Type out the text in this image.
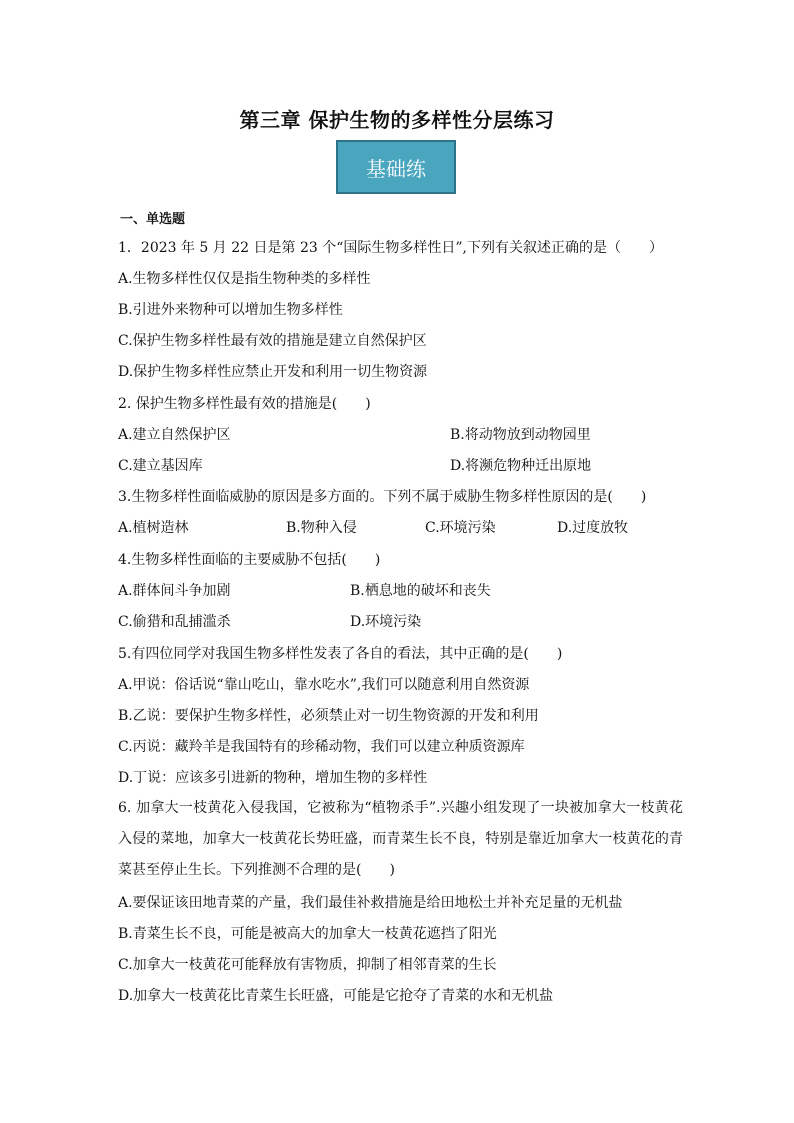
第三章 保护生物的多样性分层练习
基础练
一、单选题
1．2023 年 5 月 22 日是第 23 个“国际生物多样性日”,下列有关叙述正确的是（　　）
A.生物多样性仅仅是指生物种类的多样性
B.引进外来物种可以增加生物多样性
C.保护生物多样性最有效的措施是建立自然保护区
D.保护生物多样性应禁止开发和利用一切生物资源
2. 保护生物多样性最有效的措施是(　　)
A.建立自然保护区	B.将动物放到动物园里
C.建立基因库	D.将濒危物种迁出原地
3.生物多样性面临威胁的原因是多方面的。下列不属于威胁生物多样性原因的是(　　)
A.植树造林	B.物种入侵	C.环境污染	D.过度放牧
4.生物多样性面临的主要威胁不包括(　　)
A.群体间斗争加剧	B.栖息地的破坏和丧失
C.偷猎和乱捕滥杀	D.环境污染
5.有四位同学对我国生物多样性发表了各自的看法，其中正确的是(　　)
A.甲说：俗话说“靠山吃山，靠水吃水”,我们可以随意利用自然资源
B.乙说：要保护生物多样性，必须禁止对一切生物资源的开发和利用
C.丙说：藏羚羊是我国特有的珍稀动物，我们可以建立种质资源库
D.丁说：应该多引进新的物种，增加生物的多样性
6. 加拿大一枝黄花入侵我国，它被称为“植物杀手”.兴趣小组发现了一块被加拿大一枝黄花入侵的菜地，加拿大一枝黄花长势旺盛，而青菜生长不良，特别是靠近加拿大一枝黄花的青菜甚至停止生长。下列推测不合理的是(　　)
A.要保证该田地青菜的产量，我们最佳补救措施是给田地松土并补充足量的无机盐
B.青菜生长不良，可能是被高大的加拿大一枝黄花遮挡了阳光
C.加拿大一枝黄花可能释放有害物质，抑制了相邻青菜的生长
D.加拿大一枝黄花比青菜生长旺盛，可能是它抢夺了青菜的水和无机盐
